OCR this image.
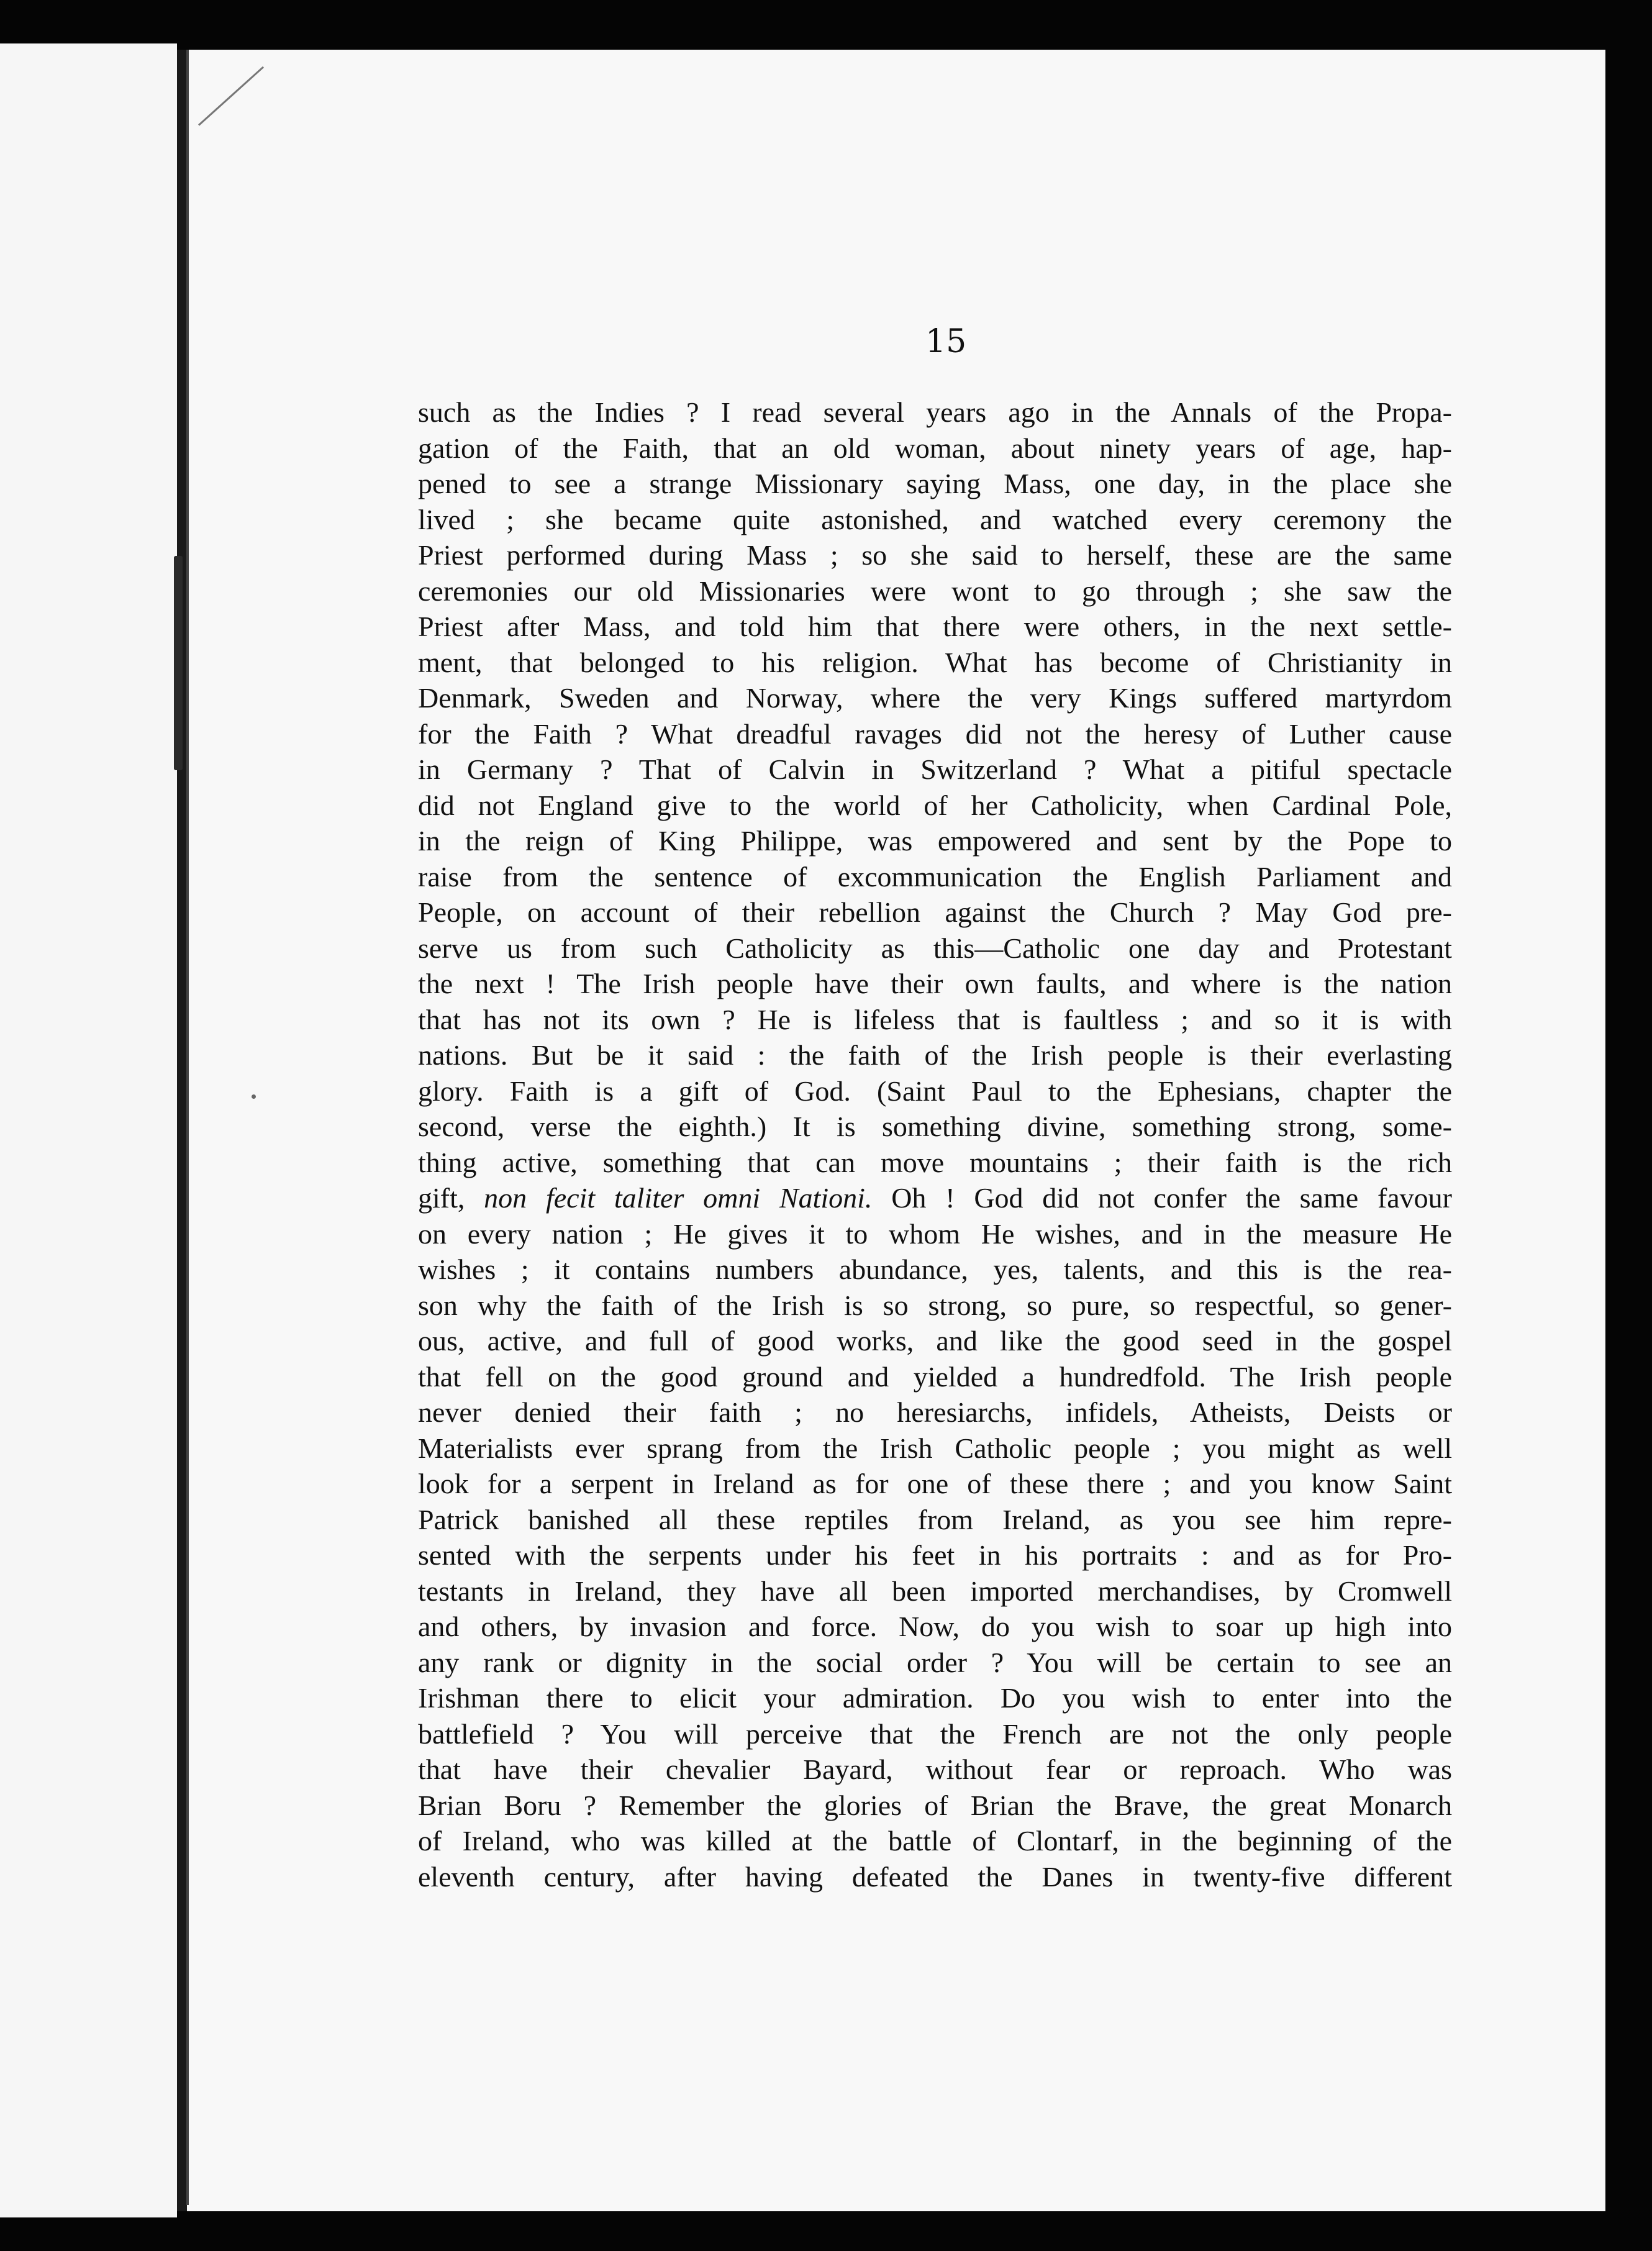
15
such as the Indies ? I read several years ago in the Annals of the Propa-
gation of the Faith, that an old woman, about ninety years of age, hap-
pened to see a strange Missionary saying Mass, one day, in the place she
lived ; she became quite astonished, and watched every ceremony the
Priest performed during Mass ; so she said to herself, these are the same
ceremonies our old Missionaries were wont to go through ; she saw the
Priest after Mass, and told him that there were others, in the next settle-
ment, that belonged to his religion. What has become of Christianity in
Denmark, Sweden and Norway, where the very Kings suffered martyrdom
for the Faith ? What dreadful ravages did not the heresy of Luther cause
in Germany ? That of Calvin in Switzerland ? What a pitiful spectacle
did not England give to the world of her Catholicity, when Cardinal Pole,
in the reign of King Philippe, was empowered and sent by the Pope to
raise from the sentence of excommunication the English Parliament and
People, on account of their rebellion against the Church ? May God pre-
serve us from such Catholicity as this—Catholic one day and Protestant
the next ! The Irish people have their own faults, and where is the nation
that has not its own ? He is lifeless that is faultless ; and so it is with
nations. But be it said : the faith of the Irish people is their everlasting
glory. Faith is a gift of God. (Saint Paul to the Ephesians, chapter the
second, verse the eighth.) It is something divine, something strong, some-
thing active, something that can move mountains ; their faith is the rich
gift, non fecit taliter omni Nationi. Oh ! God did not confer the same favour
on every nation ; He gives it to whom He wishes, and in the measure He
wishes ; it contains numbers abundance, yes, talents, and this is the rea-
son why the faith of the Irish is so strong, so pure, so respectful, so gener-
ous, active, and full of good works, and like the good seed in the gospel
that fell on the good ground and yielded a hundredfold. The Irish people
never denied their faith ; no heresiarchs, infidels, Atheists, Deists or
Materialists ever sprang from the Irish Catholic people ; you might as well
look for a serpent in Ireland as for one of these there ; and you know Saint
Patrick banished all these reptiles from Ireland, as you see him repre-
sented with the serpents under his feet in his portraits : and as for Pro-
testants in Ireland, they have all been imported merchandises, by Cromwell
and others, by invasion and force. Now, do you wish to soar up high into
any rank or dignity in the social order ? You will be certain to see an
Irishman there to elicit your admiration. Do you wish to enter into the
battlefield ? You will perceive that the French are not the only people
that have their chevalier Bayard, without fear or reproach. Who was
Brian Boru ? Remember the glories of Brian the Brave, the great Monarch
of Ireland, who was killed at the battle of Clontarf, in the beginning of the
eleventh century, after having defeated the Danes in twenty-five different
